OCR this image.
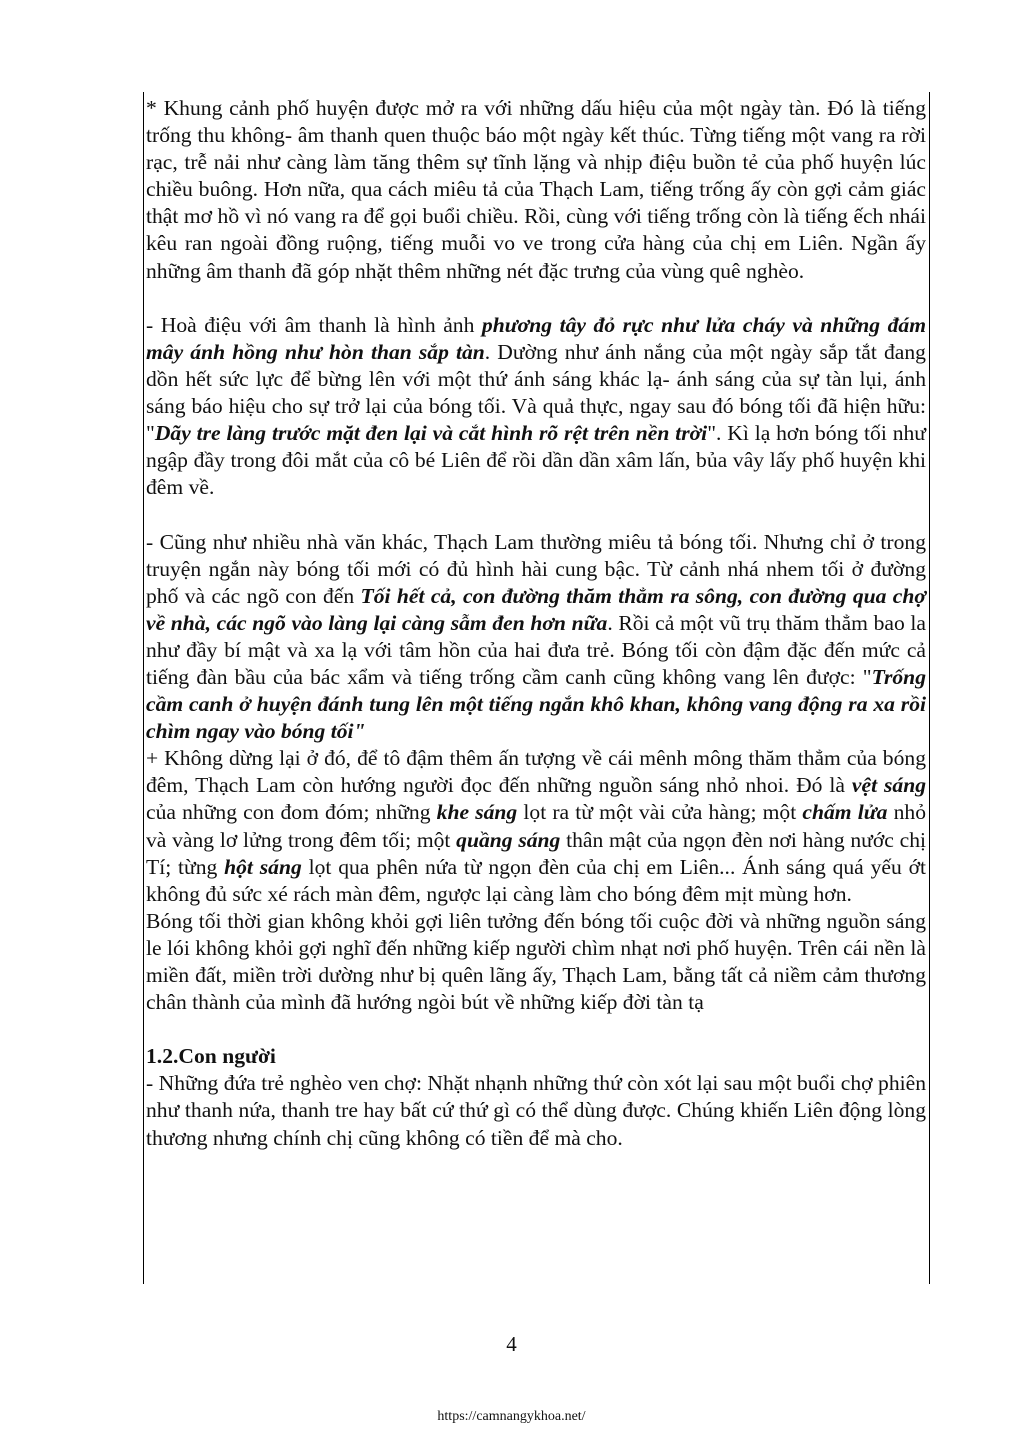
* Khung cảnh phố huyện được mở ra với những dấu hiệu của một ngày tàn. Đó là tiếng trống thu không- âm thanh quen thuộc báo một ngày kết thúc. Từng tiếng một vang ra rời rạc, trễ nải như càng làm tăng thêm sự tĩnh lặng và nhịp điệu buồn tẻ của phố huyện lúc chiều buông. Hơn nữa, qua cách miêu tả của Thạch Lam, tiếng trống ấy còn gợi cảm giác thật mơ hồ vì nó vang ra để gọi buổi chiều. Rồi, cùng với tiếng trống còn là tiếng ếch nhái kêu ran ngoài đồng ruộng, tiếng muỗi vo ve trong cửa hàng của chị em Liên. Ngần ấy những âm thanh đã góp nhặt thêm những nét đặc trưng của vùng quê nghèo.

- Hoà điệu với âm thanh là hình ảnh phương tây đỏ rực như lửa cháy và những đám mây ánh hồng như hòn than sắp tàn. Dường như ánh nắng của một ngày sắp tắt đang dồn hết sức lực để bừng lên với một thứ ánh sáng khác lạ- ánh sáng của sự tàn lụi, ánh sáng báo hiệu cho sự trở lại của bóng tối. Và quả thực, ngay sau đó bóng tối đã hiện hữu: "Dãy tre làng trước mặt đen lại và cắt hình rõ rệt trên nền trời". Kì lạ hơn bóng tối như ngập đầy trong đôi mắt của cô bé Liên để rồi dần dần xâm lấn, bủa vây lấy phố huyện khi đêm về.

- Cũng như nhiều nhà văn khác, Thạch Lam thường miêu tả bóng tối. Nhưng chỉ ở trong truyện ngắn này bóng tối mới có đủ hình hài cung bậc. Từ cảnh nhá nhem tối ở đường phố và các ngõ con đến Tối hết cả, con đường thăm thẳm ra sông, con đường qua chợ về nhà, các ngõ vào làng lại càng sẫm đen hơn nữa. Rồi cả một vũ trụ thăm thẳm bao la như đầy bí mật và xa lạ với tâm hồn của hai đưa trẻ. Bóng tối còn đậm đặc đến mức cả tiếng đàn bầu của bác xẩm và tiếng trống cầm canh cũng không vang lên được: "Trống cầm canh ở huyện đánh tung lên một tiếng ngắn khô khan, không vang động ra xa rồi chìm ngay vào bóng tối"

+ Không dừng lại ở đó, để tô đậm thêm ấn tượng về cái mênh mông thăm thẳm của bóng đêm, Thạch Lam còn hướng người đọc đến những nguồn sáng nhỏ nhoi. Đó là vệt sáng của những con đom đóm; những khe sáng lọt ra từ một vài cửa hàng; một chấm lửa nhỏ và vàng lơ lửng trong đêm tối; một quầng sáng thân mật của ngọn đèn nơi hàng nước chị Tí; từng hột sáng lọt qua phên nứa từ ngọn đèn của chị em Liên... Ánh sáng quá yếu ớt không đủ sức xé rách màn đêm, ngược lại càng làm cho bóng đêm mịt mùng hơn.

Bóng tối thời gian không khỏi gợi liên tưởng đến bóng tối cuộc đời và những nguồn sáng le lói không khỏi gợi nghĩ đến những kiếp người chìm nhạt nơi phố huyện. Trên cái nền là miền đất, miền trời dường như bị quên lãng ấy, Thạch Lam, bằng tất cả niềm cảm thương chân thành của mình đã hướng ngòi bút về những kiếp đời tàn tạ

1.2.Con người

- Những đứa trẻ nghèo ven chợ: Nhặt nhạnh những thứ còn xót lại sau một buổi chợ phiên như thanh nứa, thanh tre hay bất cứ thứ gì có thể dùng được. Chúng khiến Liên động lòng thương nhưng chính chị cũng không có tiền để mà cho.

4
https://camnangykhoa.net/
